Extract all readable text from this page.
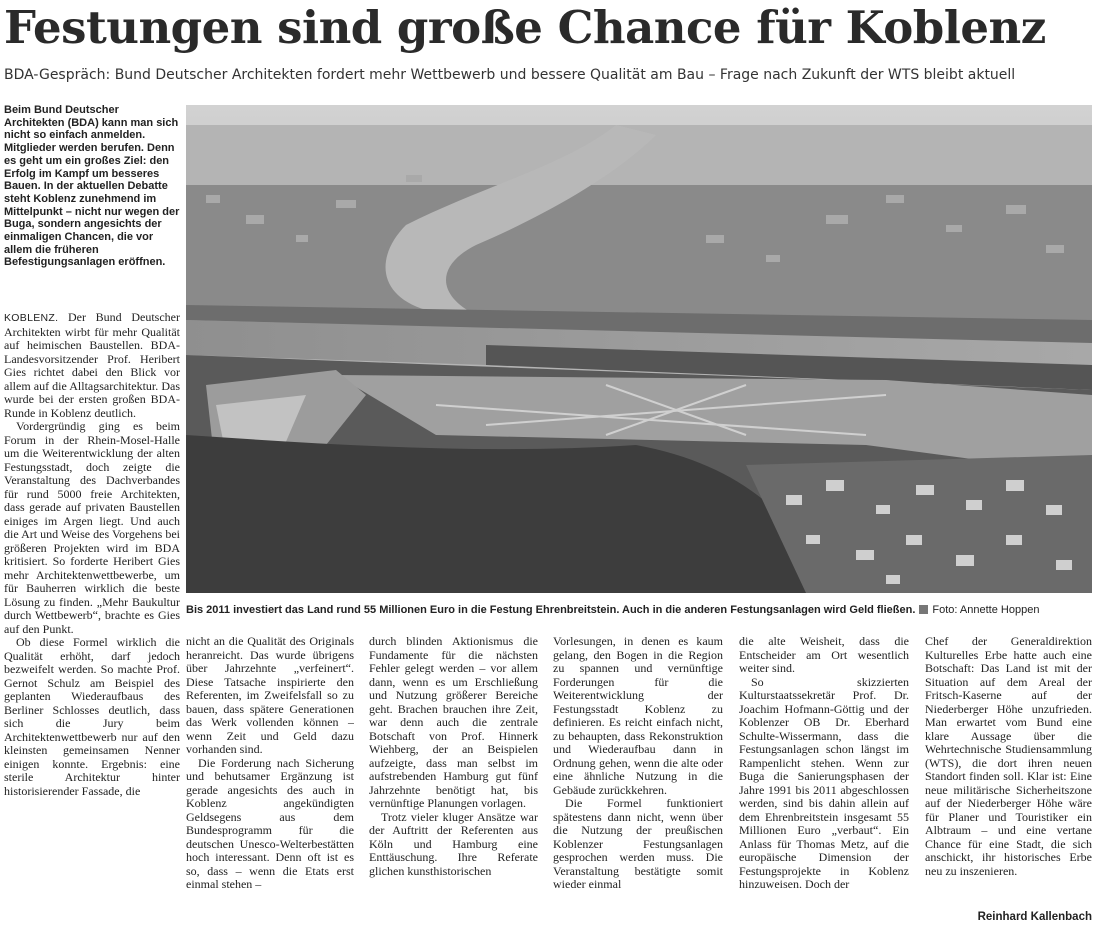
Festungen sind große Chance für Koblenz
BDA-Gespräch: Bund Deutscher Architekten fordert mehr Wettbewerb und bessere Qualität am Bau – Frage nach Zukunft der WTS bleibt aktuell
Beim Bund Deutscher Architekten (BDA) kann man sich nicht so einfach anmelden. Mitglieder werden berufen. Denn es geht um ein großes Ziel: den Erfolg im Kampf um besseres Bauen. In der aktuellen Debatte steht Koblenz zunehmend im Mittelpunkt – nicht nur wegen der Buga, sondern angesichts der einmaligen Chancen, die vor allem die früheren Befestigungsanlagen eröffnen.
Bis 2011 investiert das Land rund 55 Millionen Euro in die Festung Ehrenbreitstein. Auch in die anderen Festungsanlagen wird Geld fließen. Foto: Annette Hoppen

KOBLENZ. Der Bund Deutscher Architekten wirbt für mehr Qualität auf heimischen Baustellen. BDA-Landesvorsitzender Prof. Heribert Gies richtet dabei den Blick vor allem auf die Alltagsarchitektur. Das wurde bei der ersten großen BDA-Runde in Koblenz deutlich.

Vordergründig ging es beim Forum in der Rhein-Mosel-Halle um die Weiterentwicklung der alten Festungsstadt, doch zeigte die Veranstaltung des Dachverbandes für rund 5000 freie Architekten, dass gerade auf privaten Baustellen einiges im Argen liegt. Und auch die Art und Weise des Vorgehens bei größeren Projekten wird im BDA kritisiert. So forderte Heribert Gies mehr Architektenwettbewerbe, um für Bauherren wirklich die beste Lösung zu finden. „Mehr Baukultur durch Wettbewerb“, brachte es Gies auf den Punkt.

Ob diese Formel wirklich die Qualität erhöht, darf jedoch bezweifelt werden. So machte Prof. Gernot Schulz am Beispiel des geplanten Wiederaufbaus des Berliner Schlosses deutlich, dass sich die Jury beim Architektenwettbewerb nur auf den kleinsten gemeinsamen Nenner einigen konnte. Ergebnis: eine sterile Architektur hinter historisierender Fassade, die

nicht an die Qualität des Originals heranreicht. Das wurde übrigens über Jahrzehnte „verfeinert“. Diese Tatsache inspirierte den Referenten, im Zweifelsfall so zu bauen, dass spätere Generationen das Werk vollenden können – wenn Zeit und Geld dazu vorhanden sind.

Die Forderung nach Sicherung und behutsamer Ergänzung ist gerade angesichts des auch in Koblenz angekündigten Geldsegens aus dem Bundesprogramm für die deutschen Unesco-Welterbestätten hoch interessant. Denn oft ist es so, dass – wenn die Etats erst einmal stehen –

durch blinden Aktionismus die Fundamente für die nächsten Fehler gelegt werden – vor allem dann, wenn es um Erschließung und Nutzung größerer Bereiche geht. Brachen brauchen ihre Zeit, war denn auch die zentrale Botschaft von Prof. Hinnerk Wiehberg, der an Beispielen aufzeigte, dass man selbst im aufstrebenden Hamburg gut fünf Jahrzehnte benötigt hat, bis vernünftige Planungen vorlagen.

Trotz vieler kluger Ansätze war der Auftritt der Referenten aus Köln und Hamburg eine Enttäuschung. Ihre Referate glichen kunsthistorischen

Vorlesungen, in denen es kaum gelang, den Bogen in die Region zu spannen und vernünftige Forderungen für die Weiterentwicklung der Festungsstadt Koblenz zu definieren. Es reicht einfach nicht, zu behaupten, dass Rekonstruktion und Wiederaufbau dann in Ordnung gehen, wenn die alte oder eine ähnliche Nutzung in die Gebäude zurückkehren.

Die Formel funktioniert spätestens dann nicht, wenn über die Nutzung der preußischen Koblenzer Festungsanlagen gesprochen werden muss. Die Veranstaltung bestätigte somit wieder einmal

die alte Weisheit, dass die Entscheider am Ort wesentlich weiter sind.

So skizzierten Kulturstaatssekretär Prof. Dr. Joachim Hofmann-Göttig und der Koblenzer OB Dr. Eberhard Schulte-Wissermann, dass die Festungsanlagen schon längst im Rampenlicht stehen. Wenn zur Buga die Sanierungsphasen der Jahre 1991 bis 2011 abgeschlossen werden, sind bis dahin allein auf dem Ehrenbreitstein insgesamt 55 Millionen Euro „verbaut“. Ein Anlass für Thomas Metz, auf die europäische Dimension der Festungsprojekte in Koblenz hinzuweisen. Doch der

Chef der Generaldirektion Kulturelles Erbe hatte auch eine Botschaft: Das Land ist mit der Situation auf dem Areal der Fritsch-Kaserne auf der Niederberger Höhe unzufrieden. Man erwartet vom Bund eine klare Aussage über die Wehrtechnische Studiensammlung (WTS), die dort ihren neuen Standort finden soll. Klar ist: Eine neue militärische Sicherheitszone auf der Niederberger Höhe wäre für Planer und Touristiker ein Albtraum – und eine vertane Chance für eine Stadt, die sich anschickt, ihr historisches Erbe neu zu inszenieren.

Reinhard Kallenbach
